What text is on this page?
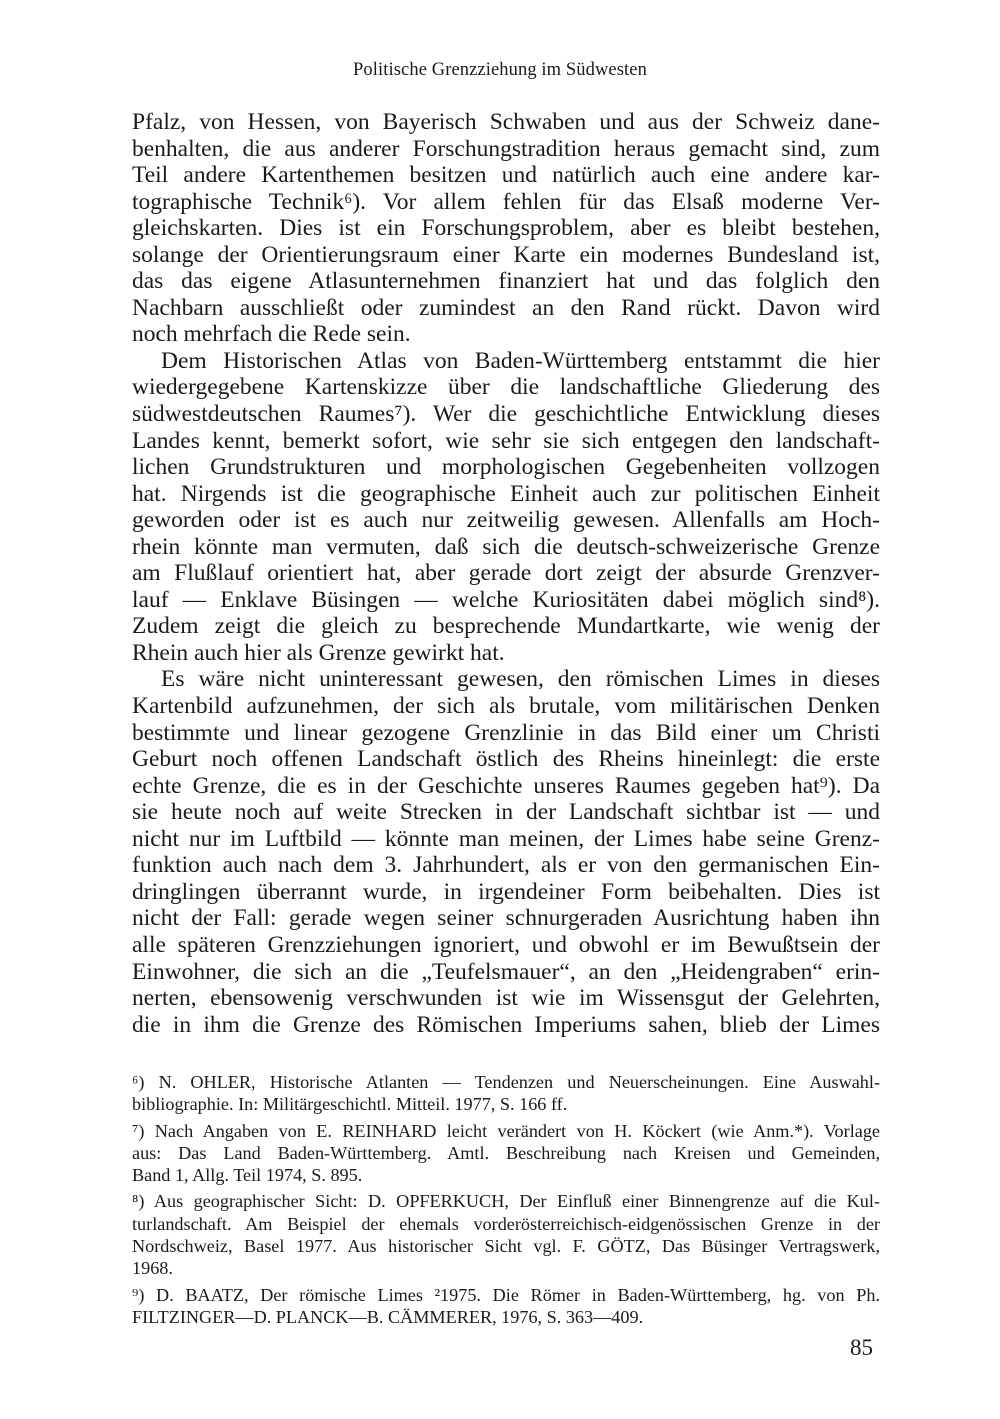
Politische Grenzziehung im Südwesten
Pfalz, von Hessen, von Bayerisch Schwaben und aus der Schweiz dane-
benhalten, die aus anderer Forschungstradition heraus gemacht sind, zum
Teil andere Kartenthemen besitzen und natürlich auch eine andere kar-
tographische Technik⁶). Vor allem fehlen für das Elsaß moderne Ver-
gleichskarten. Dies ist ein Forschungsproblem, aber es bleibt bestehen,
solange der Orientierungsraum einer Karte ein modernes Bundesland ist,
das das eigene Atlasunternehmen finanziert hat und das folglich den
Nachbarn ausschließt oder zumindest an den Rand rückt. Davon wird
noch mehrfach die Rede sein.
Dem Historischen Atlas von Baden-Württemberg entstammt die hier
wiedergegebene Kartenskizze über die landschaftliche Gliederung des
südwestdeutschen Raumes⁷). Wer die geschichtliche Entwicklung dieses
Landes kennt, bemerkt sofort, wie sehr sie sich entgegen den landschaft-
lichen Grundstrukturen und morphologischen Gegebenheiten vollzogen
hat. Nirgends ist die geographische Einheit auch zur politischen Einheit
geworden oder ist es auch nur zeitweilig gewesen. Allenfalls am Hoch-
rhein könnte man vermuten, daß sich die deutsch-schweizerische Grenze
am Flußlauf orientiert hat, aber gerade dort zeigt der absurde Grenzver-
lauf — Enklave Büsingen — welche Kuriositäten dabei möglich sind⁸).
Zudem zeigt die gleich zu besprechende Mundartkarte, wie wenig der
Rhein auch hier als Grenze gewirkt hat.
Es wäre nicht uninteressant gewesen, den römischen Limes in dieses
Kartenbild aufzunehmen, der sich als brutale, vom militärischen Denken
bestimmte und linear gezogene Grenzlinie in das Bild einer um Christi
Geburt noch offenen Landschaft östlich des Rheins hineinlegt: die erste
echte Grenze, die es in der Geschichte unseres Raumes gegeben hat⁹). Da
sie heute noch auf weite Strecken in der Landschaft sichtbar ist — und
nicht nur im Luftbild — könnte man meinen, der Limes habe seine Grenz-
funktion auch nach dem 3. Jahrhundert, als er von den germanischen Ein-
dringlingen überrannt wurde, in irgendeiner Form beibehalten. Dies ist
nicht der Fall: gerade wegen seiner schnurgeraden Ausrichtung haben ihn
alle späteren Grenzziehungen ignoriert, und obwohl er im Bewußtsein der
Einwohner, die sich an die „Teufelsmauer“, an den „Heidengraben“ erin-
nerten, ebensowenig verschwunden ist wie im Wissensgut der Gelehrten,
die in ihm die Grenze des Römischen Imperiums sahen, blieb der Limes
⁶) N. OHLER, Historische Atlanten — Tendenzen und Neuerscheinungen. Eine Auswahl-
bibliographie. In: Militärgeschichtl. Mitteil. 1977, S. 166 ff.
⁷) Nach Angaben von E. REINHARD leicht verändert von H. Köckert (wie Anm.*). Vorlage
aus: Das Land Baden-Württemberg. Amtl. Beschreibung nach Kreisen und Gemeinden,
Band 1, Allg. Teil 1974, S. 895.
⁸) Aus geographischer Sicht: D. OPFERKUCH, Der Einfluß einer Binnengrenze auf die Kul-
turlandschaft. Am Beispiel der ehemals vorderösterreichisch-eidgenössischen Grenze in der
Nordschweiz, Basel 1977. Aus historischer Sicht vgl. F. GÖTZ, Das Büsinger Vertragswerk,
1968.
⁹) D. BAATZ, Der römische Limes ²1975. Die Römer in Baden-Württemberg, hg. von Ph.
FILTZINGER—D. PLANCK—B. CÄMMERER, 1976, S. 363—409.
85
